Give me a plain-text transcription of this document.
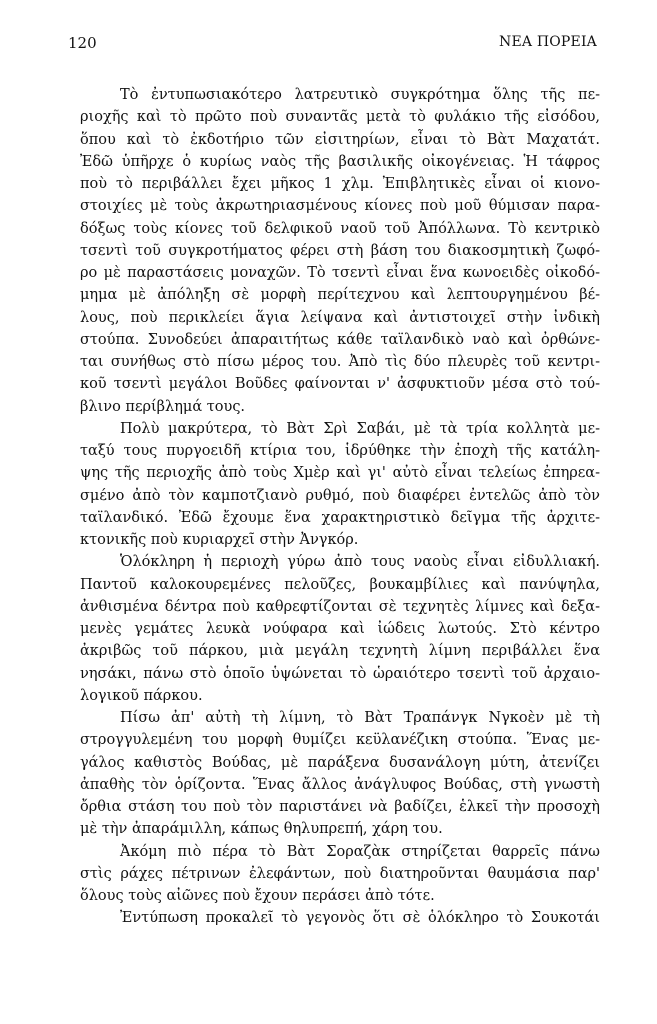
120	ΝΕΑ ΠΟΡΕΙΑ
Τὸ ἐντυπωσιακότερο λατρευτικὸ συγκρότημα ὅλης τῆς πε-
ριοχῆς καὶ τὸ πρῶτο ποὺ συναντᾶς μετὰ τὸ φυλάκιο τῆς εἰσόδου,
ὅπου καὶ τὸ ἐκδοτήριο τῶν εἰσιτηρίων, εἶναι τὸ Βὰτ Μαχατάτ.
Ἐδῶ ὑπῆρχε ὁ κυρίως ναὸς τῆς βασιλικῆς οἰκογένειας. Ἡ τάφρος
ποὺ τὸ περιβάλλει ἔχει μῆκος 1 χλμ. Ἐπιβλητικὲς εἶναι οἱ κιονο-
στοιχίες μὲ τοὺς ἀκρωτηριασμένους κίονες ποὺ μοῦ θύμισαν παρα-
δόξως τοὺς κίονες τοῦ δελφικοῦ ναοῦ τοῦ Ἀπόλλωνα. Τὸ κεντρικὸ
τσεντὶ τοῦ συγκροτήματος φέρει στὴ βάση του διακοσμητικὴ ζωφό-
ρο μὲ παραστάσεις μοναχῶν. Τὸ τσεντὶ εἶναι ἕνα κωνοειδὲς οἰκοδό-
μημα μὲ ἀπόληξη σὲ μορφὴ περίτεχνου καὶ λεπτουργημένου βέ-
λους, ποὺ περικλείει ἅγια λείψανα καὶ ἀντιστοιχεῖ στὴν ἰνδικὴ
στούπα. Συνοδεύει ἀπαραιτήτως κάθε ταϊλανδικὸ ναὸ καὶ ὀρθώνε-
ται συνήθως στὸ πίσω μέρος του. Ἀπὸ τὶς δύο πλευρὲς τοῦ κεντρι-
κοῦ τσεντὶ μεγάλοι Βοῦδες φαίνονται ν' ἀσφυκτιοῦν μέσα στὸ τού-
βλινο περίβλημά τους.
Πολὺ μακρύτερα, τὸ Βὰτ Σρὶ Σαβάι, μὲ τὰ τρία κολλητὰ με-
ταξύ τους πυργοειδῆ κτίρια του, ἱδρύθηκε τὴν ἐποχὴ τῆς κατάλη-
ψης τῆς περιοχῆς ἀπὸ τοὺς Χμὲρ καὶ γι' αὐτὸ εἶναι τελείως ἐπηρεα-
σμένο ἀπὸ τὸν καμποτζιανὸ ρυθμό, ποὺ διαφέρει ἐντελῶς ἀπὸ τὸν
ταϊλανδικό. Ἐδῶ ἔχουμε ἕνα χαρακτηριστικὸ δεῖγμα τῆς ἀρχιτε-
κτονικῆς ποὺ κυριαρχεῖ στὴν Ἀνγκόρ.
Ὁλόκληρη ἡ περιοχὴ γύρω ἀπὸ τους ναοὺς εἶναι εἰδυλλιακή.
Παντοῦ καλοκουρεμένες πελοῦζες, βουκαμβίλιες καὶ πανύψηλα,
ἀνθισμένα δέντρα ποὺ καθρεφτίζονται σὲ τεχνητὲς λίμνες καὶ δεξα-
μενὲς γεμάτες λευκὰ νούφαρα καὶ ἰώδεις λωτούς. Στὸ κέντρο
ἀκριβῶς τοῦ πάρκου, μιὰ μεγάλη τεχνητὴ λίμνη περιβάλλει ἕνα
νησάκι, πάνω στὸ ὁποῖο ὑψώνεται τὸ ὡραιότερο τσεντὶ τοῦ ἀρχαιο-
λογικοῦ πάρκου.
Πίσω ἀπ' αὐτὴ τὴ λίμνη, τὸ Βὰτ Τραπάνγκ Νγκοὲν μὲ τὴ
στρογγυλεμένη του μορφὴ θυμίζει κεϋλανέζικη στούπα. Ἕνας με-
γάλος καθιστὸς Βούδας, μὲ παράξενα δυσανάλογη μύτη, ἀτενίζει
ἀπαθὴς τὸν ὁρίζοντα. Ἕνας ἄλλος ἀνάγλυφος Βούδας, στὴ γνωστὴ
ὄρθια στάση του ποὺ τὸν παριστάνει νὰ βαδίζει, ἑλκεῖ τὴν προσοχὴ
μὲ τὴν ἀπαράμιλλη, κάπως θηλυπρεπή, χάρη του.
Ἀκόμη πιὸ πέρα τὸ Βὰτ Σοραζὰκ στηρίζεται θαρρεῖς πάνω
στὶς ράχες πέτρινων ἐλεφάντων, ποὺ διατηροῦνται θαυμάσια παρ'
ὅλους τοὺς αἰῶνες ποὺ ἔχουν περάσει ἀπὸ τότε.
Ἐντύπωση προκαλεῖ τὸ γεγονὸς ὅτι σὲ ὁλόκληρο τὸ Σουκοτάι
